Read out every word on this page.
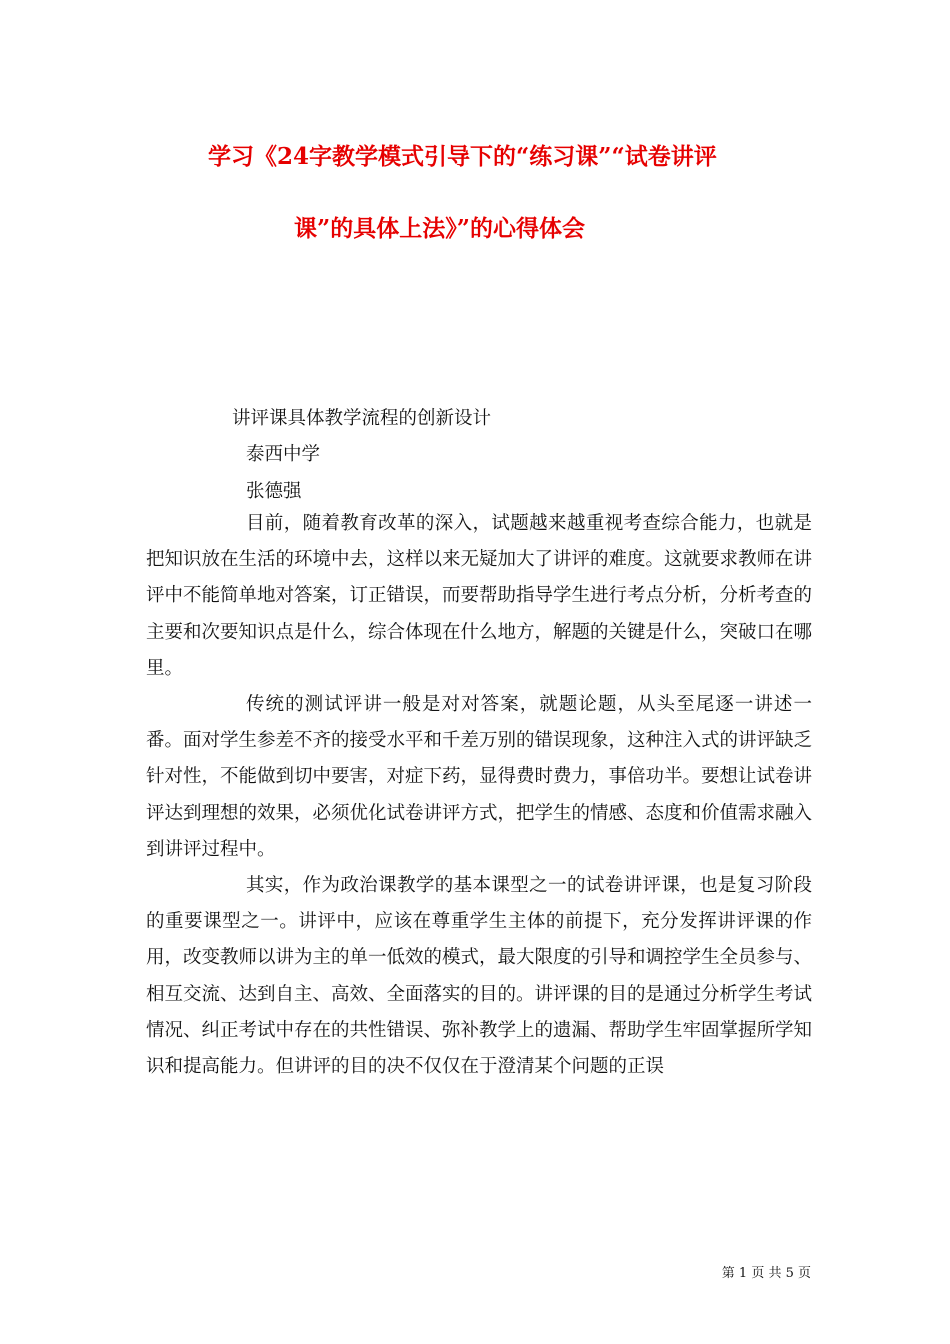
学习《24字教学模式引导下的“练习课”“试卷讲评
课”的具体上法》”的心得体会
讲评课具体教学流程的创新设计
泰西中学
张德强

目前，随着教育改革的深入，试题越来越重视考查综合能力，也就是把知识放在生活的环境中去，这样以来无疑加大了讲评的难度。这就要求教师在讲评中不能简单地对答案，订正错误，而要帮助指导学生进行考点分析，分析考查的主要和次要知识点是什么，综合体现在什么地方，解题的关键是什么，突破口在哪里。

传统的测试评讲一般是对对答案，就题论题，从头至尾逐一讲述一番。面对学生参差不齐的接受水平和千差万别的错误现象，这种注入式的讲评缺乏针对性，不能做到切中要害，对症下药，显得费时费力，事倍功半。要想让试卷讲评达到理想的效果，必须优化试卷讲评方式，把学生的情感、态度和价值需求融入到讲评过程中。

其实，作为政治课教学的基本课型之一的试卷讲评课，也是复习阶段的重要课型之一。讲评中，应该在尊重学生主体的前提下，充分发挥讲评课的作用，改变教师以讲为主的单一低效的模式，最大限度的引导和调控学生全员参与、相互交流、达到自主、高效、全面落实的目的。讲评课的目的是通过分析学生考试情况、纠正考试中存在的共性错误、弥补教学上的遗漏、帮助学生牢固掌握所学知识和提高能力。但讲评的目的决不仅仅在于澄清某个问题的正误

第 1 页 共 5 页
